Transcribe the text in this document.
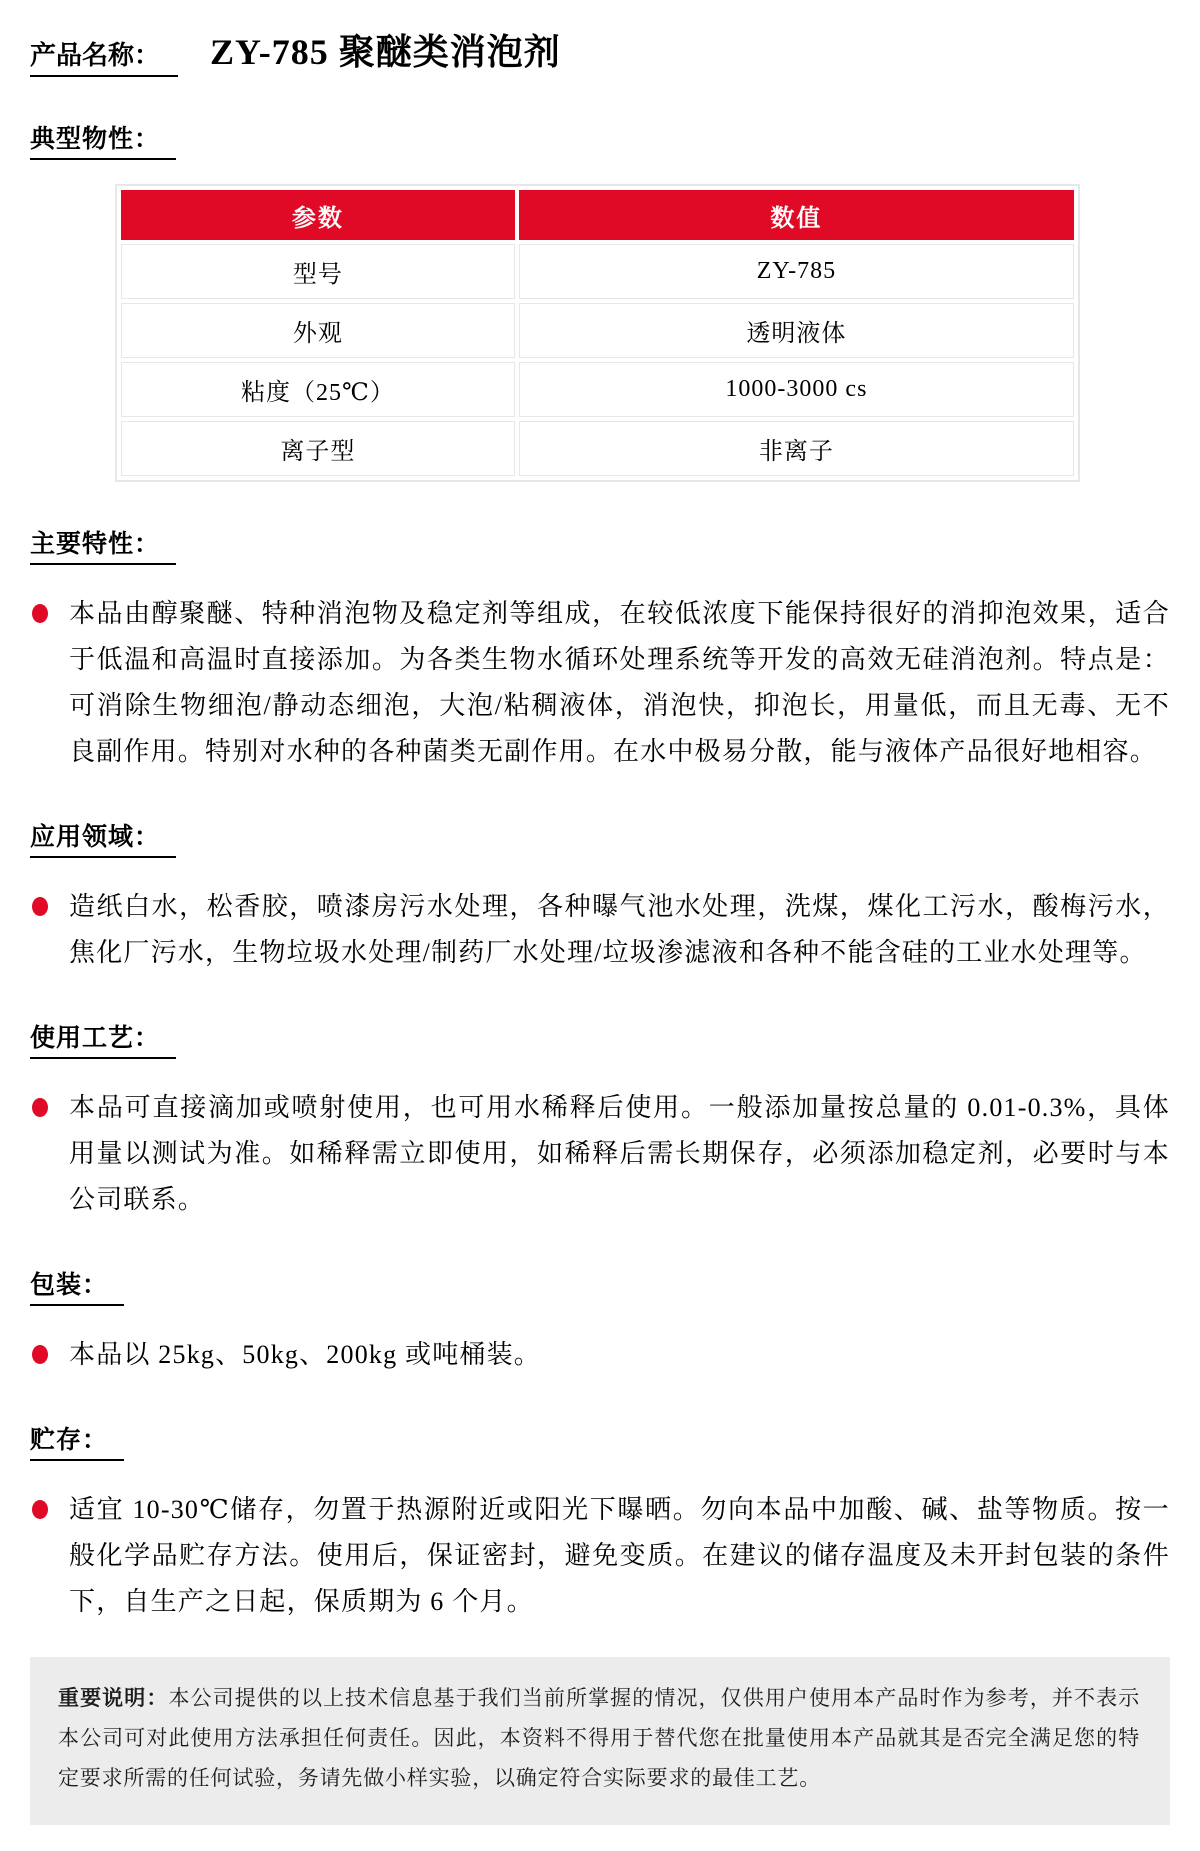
产品名称：	ZY-785 聚醚类消泡剂
典型物性：
参数	数值
型号	ZY-785
外观	透明液体
粘度（25℃）	1000-3000 cs
离子型	非离子
主要特性：
本品由醇聚醚、特种消泡物及稳定剂等组成，在较低浓度下能保持很好的消抑泡效果，适合于低温和高温时直接添加。为各类生物水循环处理系统等开发的高效无硅消泡剂。特点是：可消除生物细泡/静动态细泡，大泡/粘稠液体，消泡快，抑泡长，用量低，而且无毒、无不良副作用。特别对水种的各种菌类无副作用。在水中极易分散，能与液体产品很好地相容。
应用领域：
造纸白水，松香胶，喷漆房污水处理，各种曝气池水处理，洗煤，煤化工污水，酸梅污水，焦化厂污水，生物垃圾水处理/制药厂水处理/垃圾渗滤液和各种不能含硅的工业水处理等。
使用工艺：
本品可直接滴加或喷射使用，也可用水稀释后使用。一般添加量按总量的 0.01-0.3%，具体用量以测试为准。如稀释需立即使用，如稀释后需长期保存，必须添加稳定剂，必要时与本公司联系。
包装：
本品以 25kg、50kg、200kg 或吨桶装。
贮存：
适宜 10-30℃储存，勿置于热源附近或阳光下曝晒。勿向本品中加酸、碱、盐等物质。按一般化学品贮存方法。使用后，保证密封，避免变质。在建议的储存温度及未开封包装的条件下，自生产之日起，保质期为 6 个月。
重要说明：本公司提供的以上技术信息基于我们当前所掌握的情况，仅供用户使用本产品时作为参考，并不表示本公司可对此使用方法承担任何责任。因此，本资料不得用于替代您在批量使用本产品就其是否完全满足您的特定要求所需的任何试验，务请先做小样实验，以确定符合实际要求的最佳工艺。
